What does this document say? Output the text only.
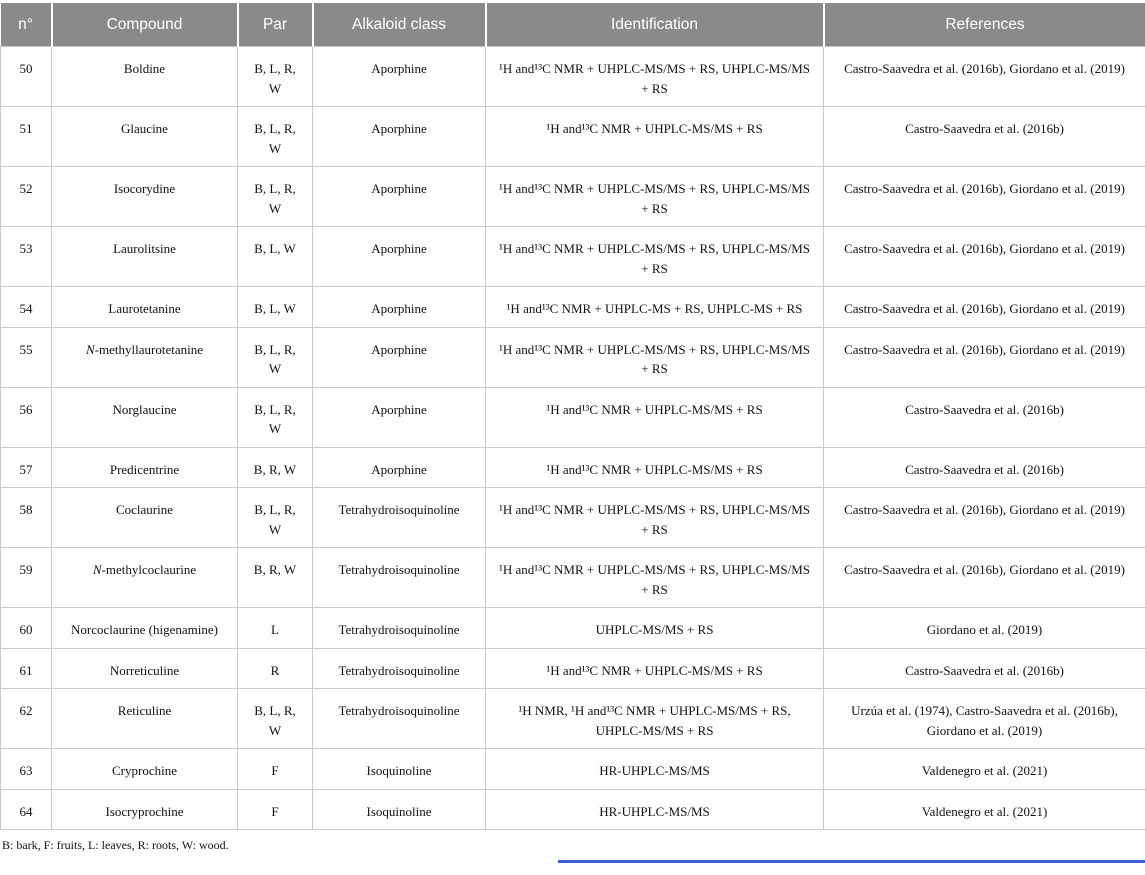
n°	Compound	Par	Alkaloid class	Identification	References
50	Boldine	B, L, R, W	Aporphine	¹H and¹³C NMR + UHPLC-MS/MS + RS, UHPLC-MS/MS + RS	Castro-Saavedra et al. (2016b), Giordano et al. (2019)
51	Glaucine	B, L, R, W	Aporphine	¹H and¹³C NMR + UHPLC-MS/MS + RS	Castro-Saavedra et al. (2016b)
52	Isocorydine	B, L, R, W	Aporphine	¹H and¹³C NMR + UHPLC-MS/MS + RS, UHPLC-MS/MS + RS	Castro-Saavedra et al. (2016b), Giordano et al. (2019)
53	Laurolitsine	B, L, W	Aporphine	¹H and¹³C NMR + UHPLC-MS/MS + RS, UHPLC-MS/MS + RS	Castro-Saavedra et al. (2016b), Giordano et al. (2019)
54	Laurotetanine	B, L, W	Aporphine	¹H and¹³C NMR + UHPLC-MS + RS, UHPLC-MS + RS	Castro-Saavedra et al. (2016b), Giordano et al. (2019)
55	N-methyllaurotetanine	B, L, R, W	Aporphine	¹H and¹³C NMR + UHPLC-MS/MS + RS, UHPLC-MS/MS + RS	Castro-Saavedra et al. (2016b), Giordano et al. (2019)
56	Norglaucine	B, L, R, W	Aporphine	¹H and¹³C NMR + UHPLC-MS/MS + RS	Castro-Saavedra et al. (2016b)
57	Predicentrine	B, R, W	Aporphine	¹H and¹³C NMR + UHPLC-MS/MS + RS	Castro-Saavedra et al. (2016b)
58	Coclaurine	B, L, R, W	Tetrahydroisoquinoline	¹H and¹³C NMR + UHPLC-MS/MS + RS, UHPLC-MS/MS + RS	Castro-Saavedra et al. (2016b), Giordano et al. (2019)
59	N-methylcoclaurine	B, R, W	Tetrahydroisoquinoline	¹H and¹³C NMR + UHPLC-MS/MS + RS, UHPLC-MS/MS + RS	Castro-Saavedra et al. (2016b), Giordano et al. (2019)
60	Norcoclaurine (higenamine)	L	Tetrahydroisoquinoline	UHPLC-MS/MS + RS	Giordano et al. (2019)
61	Norreticuline	R	Tetrahydroisoquinoline	¹H and¹³C NMR + UHPLC-MS/MS + RS	Castro-Saavedra et al. (2016b)
62	Reticuline	B, L, R, W	Tetrahydroisoquinoline	¹H NMR, ¹H and¹³C NMR + UHPLC-MS/MS + RS, UHPLC-MS/MS + RS	Urzúa et al. (1974), Castro-Saavedra et al. (2016b), Giordano et al. (2019)
63	Cryprochine	F	Isoquinoline	HR-UHPLC-MS/MS	Valdenegro et al. (2021)
64	Isocryprochine	F	Isoquinoline	HR-UHPLC-MS/MS	Valdenegro et al. (2021)
B: bark, F: fruits, L: leaves, R: roots, W: wood.
